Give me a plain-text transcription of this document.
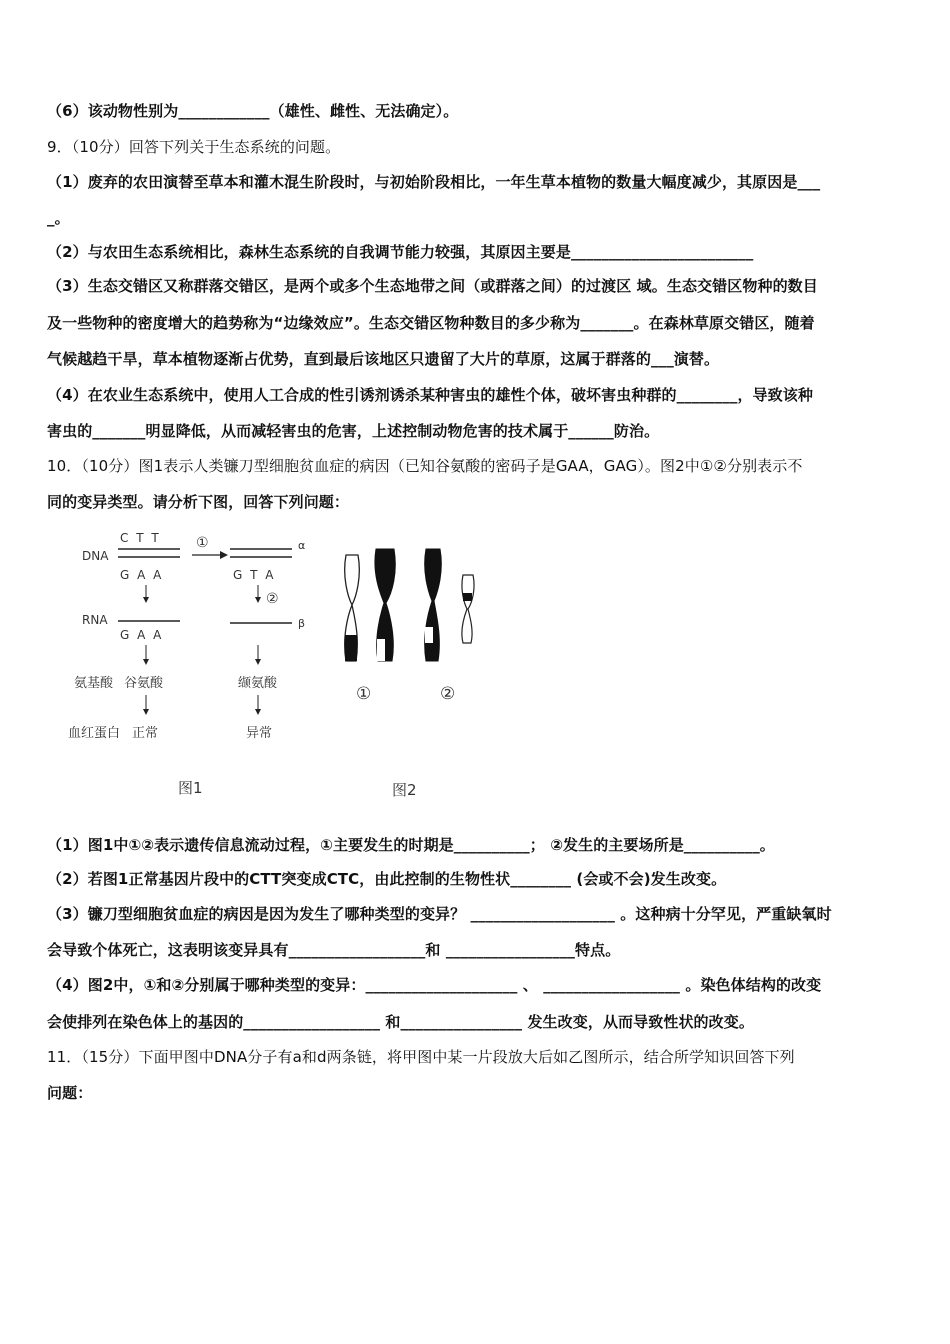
（6）该动物性别为____________（雄性、雌性、无法确定）。
9．（10分）回答下列关于生态系统的问题。
（1）废弃的农田演替至草本和灌木混生阶段时，与初始阶段相比，一年生草本植物的数量大幅度减少，其原因是___
_。
（2）与农田生态系统相比，森林生态系统的自我调节能力较强，其原因主要是________________________
（3）生态交错区又称群落交错区，是两个或多个生态地带之间（或群落之间）的过渡区 域。生态交错区物种的数目
及一些物种的密度增大的趋势称为“边缘效应”。生态交错区物种数目的多少称为_______。在森林草原交错区，随着
气候越趋干旱，草本植物逐渐占优势，直到最后该地区只遗留了大片的草原，这属于群落的___演替。
（4）在农业生态系统中，使用人工合成的性引诱剂诱杀某种害虫的雄性个体，破坏害虫种群的________，导致该种
害虫的_______明显降低，从而减轻害虫的危害，上述控制动物危害的技术属于______防治。
10．（10分）图1表示人类镰刀型细胞贫血症的病因（已知谷氨酸的密码子是GAA，GAG）。图2中①②分别表示不
同的变异类型。请分析下图，回答下列问题：
DNA
C T T
G A A
①	α
G T A
②
RNA
G A A
β
氨基酸 谷氨酸	缬氨酸
血红蛋白 正常	异常
图1
①	②
图2
（1）图1中①②表示遗传信息流动过程，①主要发生的时期是__________； ②发生的主要场所是__________。
（2）若图1正常基因片段中的CTT突变成CTC，由此控制的生物性状________ (会或不会)发生改变。
（3）镰刀型细胞贫血症的病因是因为发生了哪种类型的变异？ ___________________ 。这种病十分罕见，严重缺氧时
会导致个体死亡，这表明该变异具有__________________和 _________________特点。
（4）图2中，①和②分别属于哪种类型的变异：____________________ 、 __________________ 。染色体结构的改变
会使排列在染色体上的基因的__________________ 和________________ 发生改变，从而导致性状的改变。
11．（15分）下面甲图中DNA分子有a和d两条链，将甲图中某一片段放大后如乙图所示，结合所学知识回答下列
问题：
